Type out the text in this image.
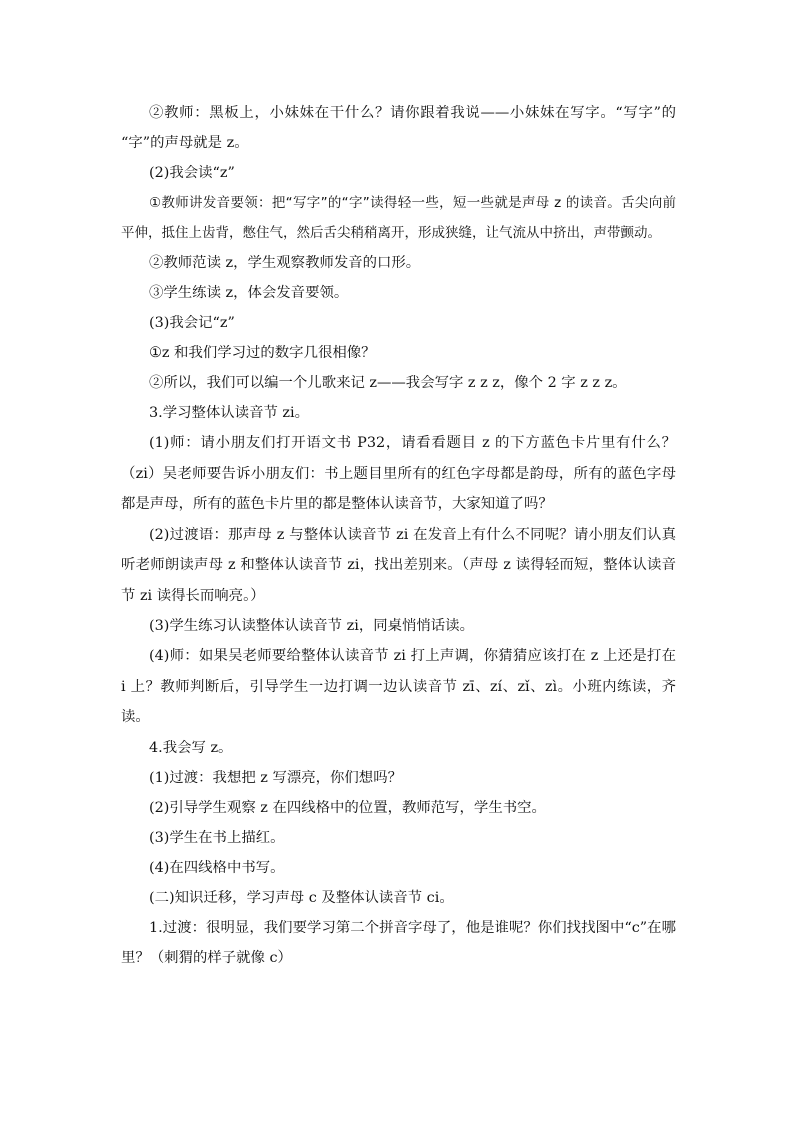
②教师：黑板上，小妹妹在干什么？请你跟着我说——小妹妹在写字。“写字”的 “字”的声母就是 z。

(2)我会读“z”

①教师讲发音要领：把“写字”的“字”读得轻一些，短一些就是声母 z 的读音。舌尖向前平伸，抵住上齿背，憋住气，然后舌尖稍稍离开，形成狭缝，让气流从中挤出，声带颤动。

②教师范读 z，学生观察教师发音的口形。

③学生练读 z，体会发音要领。

(3)我会记“z”

①z 和我们学习过的数字几很相像？

②所以，我们可以编一个儿歌来记 z——我会写字 z z z，像个 2 字 z z z。

3.学习整体认读音节 zi。

(1)师：请小朋友们打开语文书 P32，请看看题目 z 的下方蓝色卡片里有什么？（zi）吴老师要告诉小朋友们：书上题目里所有的红色字母都是韵母，所有的蓝色字母都是声母，所有的蓝色卡片里的都是整体认读音节，大家知道了吗？

(2)过渡语：那声母 z 与整体认读音节 zi 在发音上有什么不同呢？请小朋友们认真听老师朗读声母 z 和整体认读音节 zi，找出差别来。（声母 z 读得轻而短，整体认读音节 zi 读得长而响亮。）

(3)学生练习认读整体认读音节 zi，同桌悄悄话读。

(4)师：如果吴老师要给整体认读音节 zi 打上声调，你猜猜应该打在 z 上还是打在 i 上？教师判断后，引导学生一边打调一边认读音节 zī、zí、zǐ、zì。小班内练读，齐读。

4.我会写 z。

(1)过渡：我想把 z 写漂亮，你们想吗？

(2)引导学生观察 z 在四线格中的位置，教师范写，学生书空。

(3)学生在书上描红。

(4)在四线格中书写。

(二)知识迁移，学习声母 c 及整体认读音节 ci。

1.过渡：很明显，我们要学习第二个拼音字母了，他是谁呢？你们找找图中“c”在哪里？（刺猬的样子就像 c）
